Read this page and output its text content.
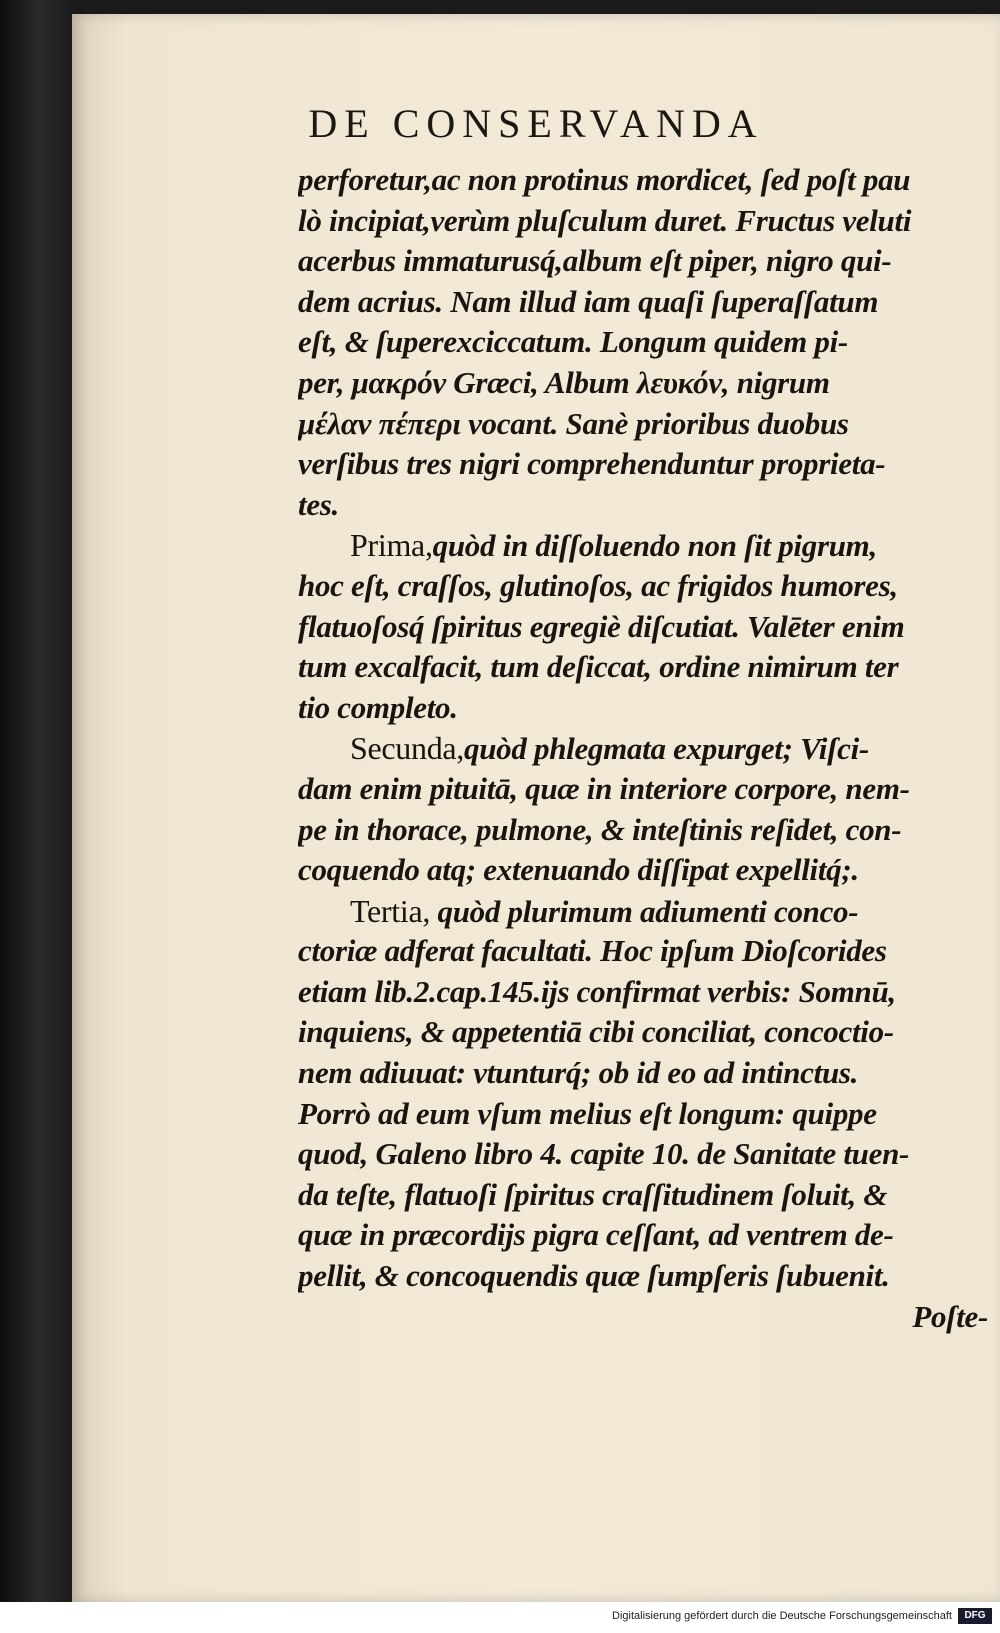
DE CONSERVANDA
perforetur,ac non protinus mordicet, ſed poſt pau
lò incipiat,verùm pluſculum duret. Fructus veluti
acerbus immaturusq́,album eſt piper, nigro qui-
dem acrius. Nam illud iam quaſi ſuperaſſatum
eſt, & ſuperexciccatum. Longum quidem pi-
per, μακρόν Græci, Album λευκόν, nigrum
μέλαν πέπερι vocant. Sanè prioribus duobus
verſibus tres nigri comprehenduntur proprieta-
tes.
Prima,quòd in diſſoluendo non ſit pigrum,
hoc eſt, craſſos, glutinoſos, ac frigidos humores,
flatuoſosq́ ſpiritus egregiè diſcutiat. Valēter enim
tum excalfacit, tum deſiccat, ordine nimirum ter
tio completo.
Secunda,quòd phlegmata expurget; Viſci-
dam enim pituitā, quæ in interiore corpore, nem-
pe in thorace, pulmone, & inteſtinis reſidet, con-
coquendo atq; extenuando diſſipat expellitq́;.
Tertia, quòd plurimum adiumenti conco-
ctoriæ adferat facultati. Hoc ipſum Dioſcorides
etiam lib.2.cap.145.ijs confirmat verbis: Somnū,
inquiens, & appetentiā cibi conciliat, concoctio-
nem adiuuat: vtunturq́; ob id eo ad intinctus.
Porrò ad eum vſum melius eſt longum: quippe
quod, Galeno libro 4. capite 10. de Sanitate tuen-
da teſte, flatuoſi ſpiritus craſſitudinem ſoluit, &
quæ in præcordijs pigra ceſſant, ad ventrem de-
pellit, & concoquendis quæ ſumpſeris ſubuenit.
Poſte-
Digitalisierung gefördert durch die Deutsche Forschungsgemeinschaft	DFG
